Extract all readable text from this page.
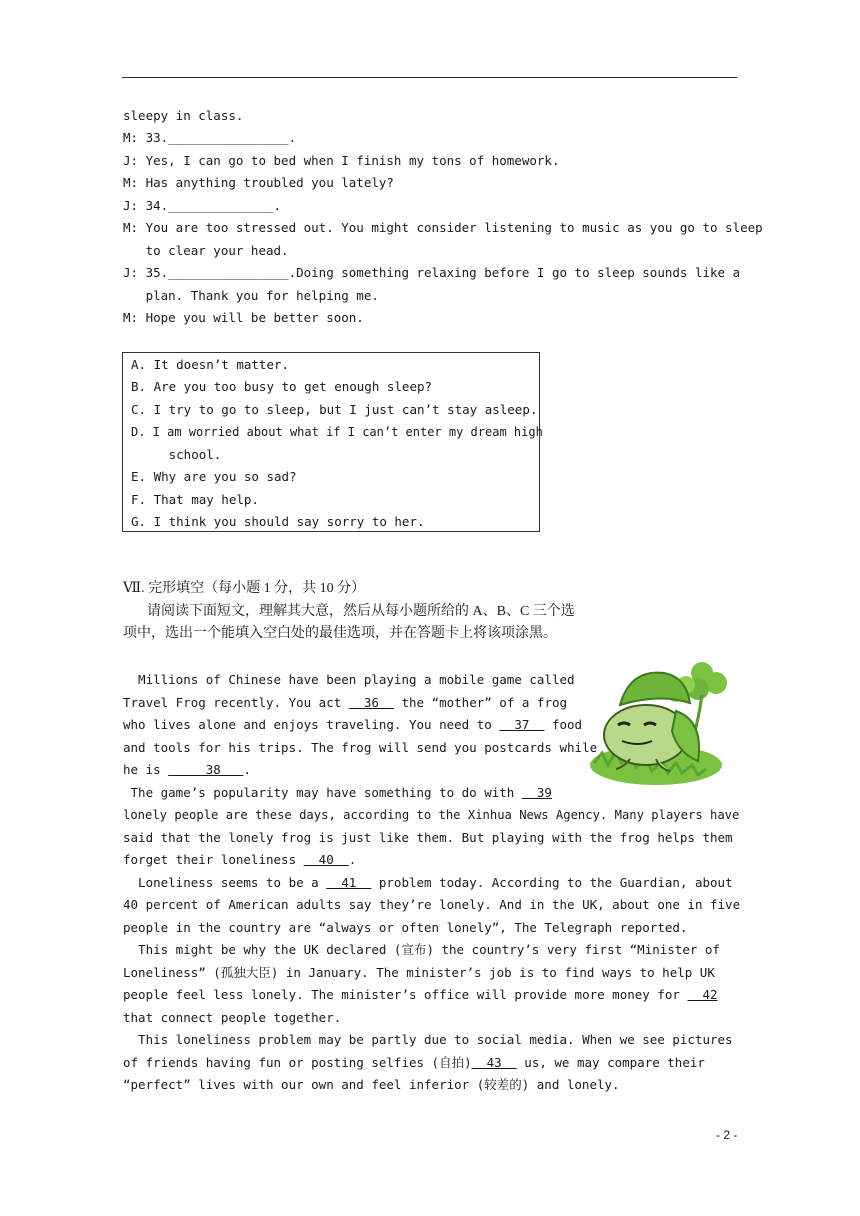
sleepy in class.
M: 33.________________.
J: Yes, I can go to bed when I finish my tons of homework.
M: Has anything troubled you lately?
J: 34.______________.
M: You are too stressed out. You might consider listening to music as you go to sleep
to clear your head.
J: 35.________________.Doing something relaxing before I go to sleep sounds like a
plan. Thank you for helping me.
M: Hope you will be better soon.
A. It doesn’t matter.
B. Are you too busy to get enough sleep?
C. I try to go to sleep, but I just can’t stay asleep.
D. I am worried about what if I can’t enter my dream high
school.
E. Why are you so sad?
F. That may help.
G. I think you should say sorry to her.
Ⅶ. 完形填空（每小题 1 分，共 10 分）
请阅读下面短文，理解其大意，然后从每小题所给的 A、B、C 三个选
项中，选出一个能填入空白处的最佳选项，并在答题卡上将该项涂黑。
Millions of Chinese have been playing a mobile game called
Travel Frog recently. You act   36   the “mother” of a frog
who lives alone and enjoys traveling. You need to   37   food
and tools for his trips. The frog will send you postcards while
he is      38   .
The game’s popularity may have something to do with   39
lonely people are these days, according to the Xinhua News Agency. Many players have
said that the lonely frog is just like them. But playing with the frog helps them
forget their loneliness   40  .
Loneliness seems to be a   41   problem today. According to the Guardian, about
40 percent of American adults say they’re lonely. And in the UK, about one in five
people in the country are “always or often lonely”, The Telegraph reported.
This might be why the UK declared (宣布) the country’s very first “Minister of
Loneliness” (孤独大臣) in January. The minister’s job is to find ways to help UK
people feel less lonely. The minister’s office will provide more money for   42
that connect people together.
This loneliness problem may be partly due to social media. When we see pictures
of friends having fun or posting selfies (自拍)  43   us, we may compare their
“perfect” lives with our own and feel inferior (较差的) and lonely.
- 2 -
